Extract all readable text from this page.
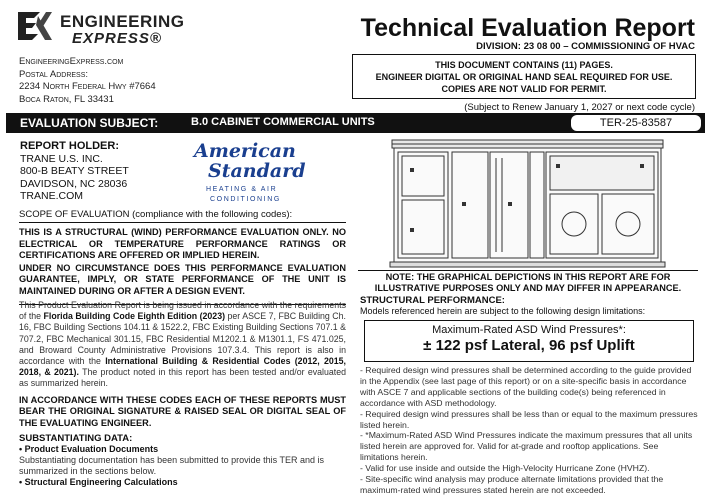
ENGINEERING
EXPRESS®
EngineeringExpress.com
Postal Address:
2234 North Federal Hwy #7664
Boca Raton, FL 33431
Technical Evaluation Report
DIVISION: 23 08 00 – COMMISSIONING OF HVAC
THIS DOCUMENT CONTAINS (11) PAGES.
ENGINEER DIGITAL OR ORIGINAL HAND SEAL REQUIRED FOR USE.
COPIES ARE NOT VALID FOR PERMIT.
(Subject to Renew January 1, 2027 or next code cycle)
EVALUATION SUBJECT:	B.0 CABINET COMMERCIAL UNITS	TER-25-83587
REPORT HOLDER:
TRANE U.S. INC.
800-B BEATY STREET
DAVIDSON, NC 28036
TRANE.COM
American
Standard
HEATING & AIR
CONDITIONING
SCOPE OF EVALUATION (compliance with the following codes):
THIS IS A STRUCTURAL (WIND) PERFORMANCE EVALUATION ONLY. NO ELECTRICAL OR TEMPERATURE PERFORMANCE RATINGS OR CERTIFICATIONS ARE OFFERED OR IMPLIED HEREIN.
UNDER NO CIRCUMSTANCE DOES THIS PERFORMANCE EVALUATION GUARANTEE, IMPLY, OR STATE PERFORMANCE OF THE UNIT IS MAINTAINED DURING OR AFTER A DESIGN EVENT.
This Product Evaluation Report is being issued in accordance with the requirements of the Florida Building Code Eighth Edition (2023) per ASCE 7, FBC Building Ch. 16, FBC Building Sections 104.11 & 1522.2, FBC Existing Building Sections 707.1 & 707.2, FBC Mechanical 301.15, FBC Residential M1202.1 & M1301.1, FS 471.025, and Broward County Administrative Provisions 107.3.4. This report is also in accordance with the International Building & Residential Codes (2012, 2015, 2018, & 2021). The product noted in this report has been tested and/or evaluated as summarized herein.
IN ACCORDANCE WITH THESE CODES EACH OF THESE REPORTS MUST BEAR THE ORIGINAL SIGNATURE & RAISED SEAL OR DIGITAL SEAL OF THE EVALUATING ENGINEER.
SUBSTANTIATING DATA:
• Product Evaluation Documents
Substantiating documentation has been submitted to provide this TER and is summarized in the sections below.
• Structural Engineering Calculations
NOTE: THE GRAPHICAL DEPICTIONS IN THIS REPORT ARE FOR
ILLUSTRATIVE PURPOSES ONLY AND MAY DIFFER IN APPEARANCE.
STRUCTURAL PERFORMANCE:
Models referenced herein are subject to the following design limitations:
Maximum-Rated ASD Wind Pressures*:
± 122 psf Lateral, 96 psf Uplift
- Required design wind pressures shall be determined according to the guide provided in the Appendix (see last page of this report) or on a site-specific basis in accordance with ASCE 7 and applicable sections of the building code(s) being referenced in accordance with ASD methodology.
- Required design wind pressures shall be less than or equal to the maximum pressures listed herein.
- *Maximum-Rated ASD Wind Pressures indicate the maximum pressures that all units listed herein are approved for. Valid for at-grade and rooftop applications. See limitations herein.
- Valid for use inside and outside the High-Velocity Hurricane Zone (HVHZ).
- Site-specific wind analysis may produce alternate limitations provided that the maximum-rated wind pressures stated herein are not exceeded.
